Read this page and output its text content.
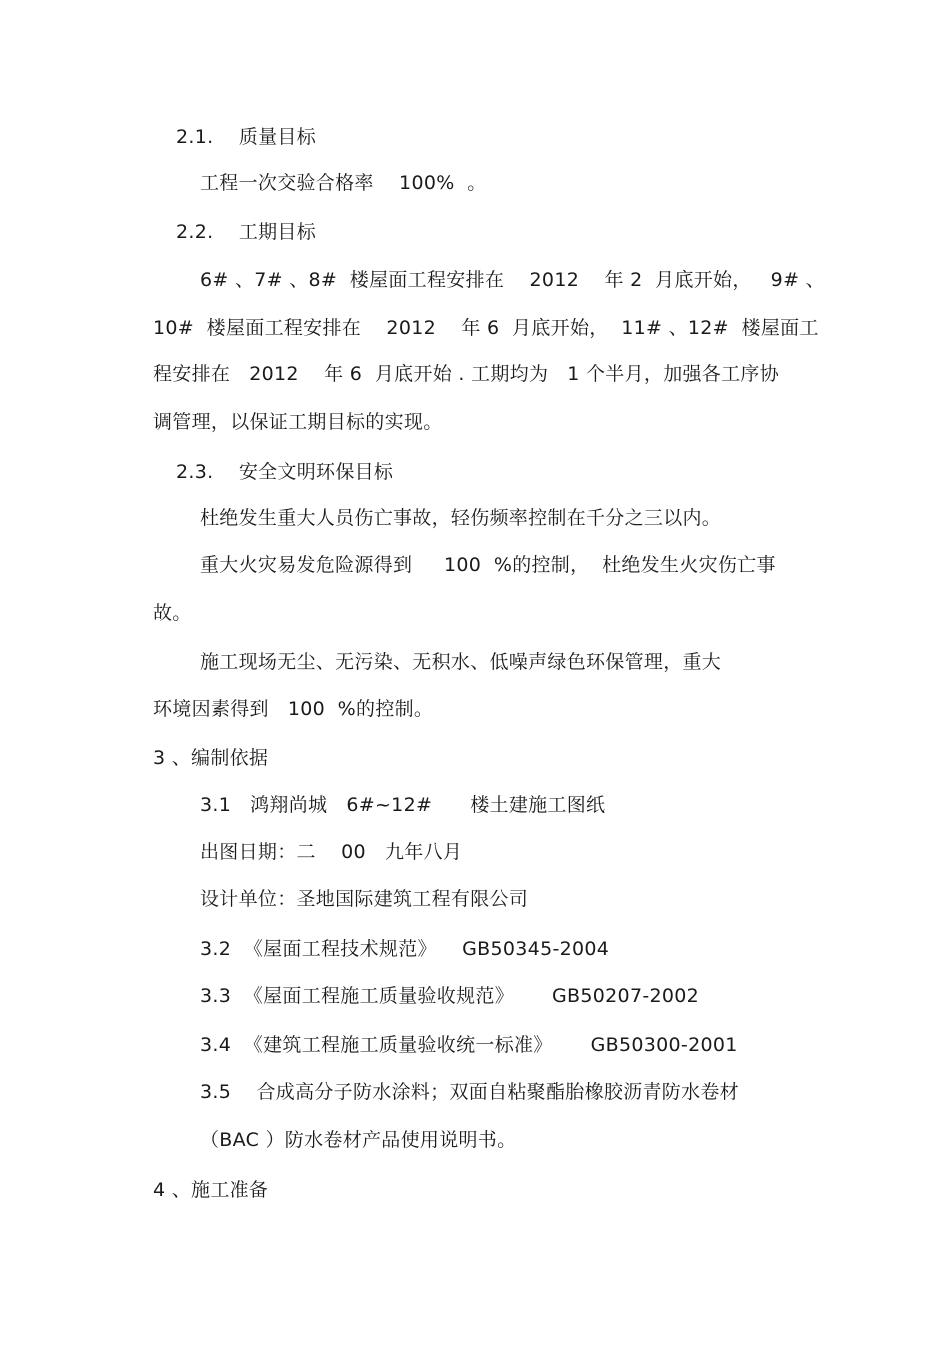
2.1.    质量目标
工程一次交验合格率    100%  。
2.2.    工期目标
6# 、7# 、8#  楼屋面工程安排在    2012    年 2  月底开始，   9# 、
10#  楼屋面工程安排在    2012    年 6  月底开始，  11# 、12#  楼屋面工
程安排在   2012    年 6  月底开始 . 工期均为   1 个半月，加强各工序协
调管理，以保证工期目标的实现。
2.3.    安全文明环保目标
杜绝发生重大人员伤亡事故，轻伤频率控制在千分之三以内。
重大火灾易发危险源得到     100  %的控制，  杜绝发生火灾伤亡事
故。
施工现场无尘、无污染、无积水、低噪声绿色环保管理，重大
环境因素得到   100  %的控制。
3 、编制依据
3.1   鸿翔尚城   6#~12#      楼土建施工图纸
出图日期：二    00   九年八月
设计单位：圣地国际建筑工程有限公司
3.2  《屋面工程技术规范》    GB50345-2004
3.3  《屋面工程施工质量验收规范》      GB50207-2002
3.4  《建筑工程施工质量验收统一标准》      GB50300-2001
3.5    合成高分子防水涂料；双面自粘聚酯胎橡胶沥青防水卷材
（BAC ）防水卷材产品使用说明书。
4 、施工准备
